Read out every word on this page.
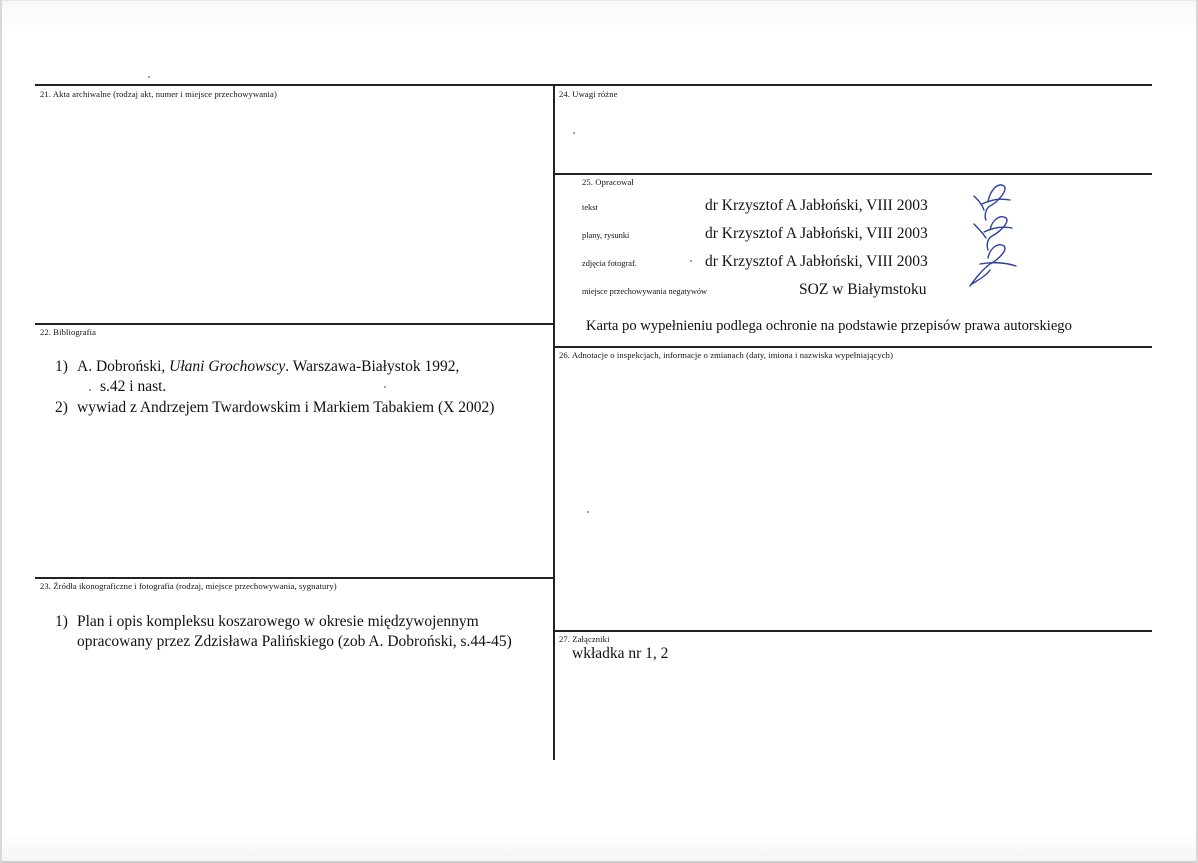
21. Akta archiwalne (rodzaj akt, numer i miejsce przechowywania)
22. Bibliografia
1) A. Dobroński, Ułani Grochowscy. Warszawa-Białystok 1992,
s.42 i nast.
2) wywiad z Andrzejem Twardowskim i Markiem Tabakiem (X 2002)
23. Źródła ikonograficzne i fotografia (rodzaj, miejsce przechowywania, sygnatury)
1) Plan i opis kompleksu koszarowego w okresie międzywojennym
opracowany przez Zdzisława Palińskiego (zob A. Dobroński, s.44-45)
24. Uwagi różne
25. Opracował
tekst	dr Krzysztof A Jabłoński, VIII 2003
plany, rysunki	dr Krzysztof A Jabłoński, VIII 2003
zdjęcia fotograf.	dr Krzysztof A Jabłoński, VIII 2003
miejsce przechowywania negatywów	SOZ w Białymstoku
Karta po wypełnieniu podlega ochronie na podstawie przepisów prawa autorskiego
26. Adnotacje o inspekcjach, informacje o zmianach (daty, imiona i nazwiska wypełniających)
27. Załączniki
wkładka nr 1, 2
